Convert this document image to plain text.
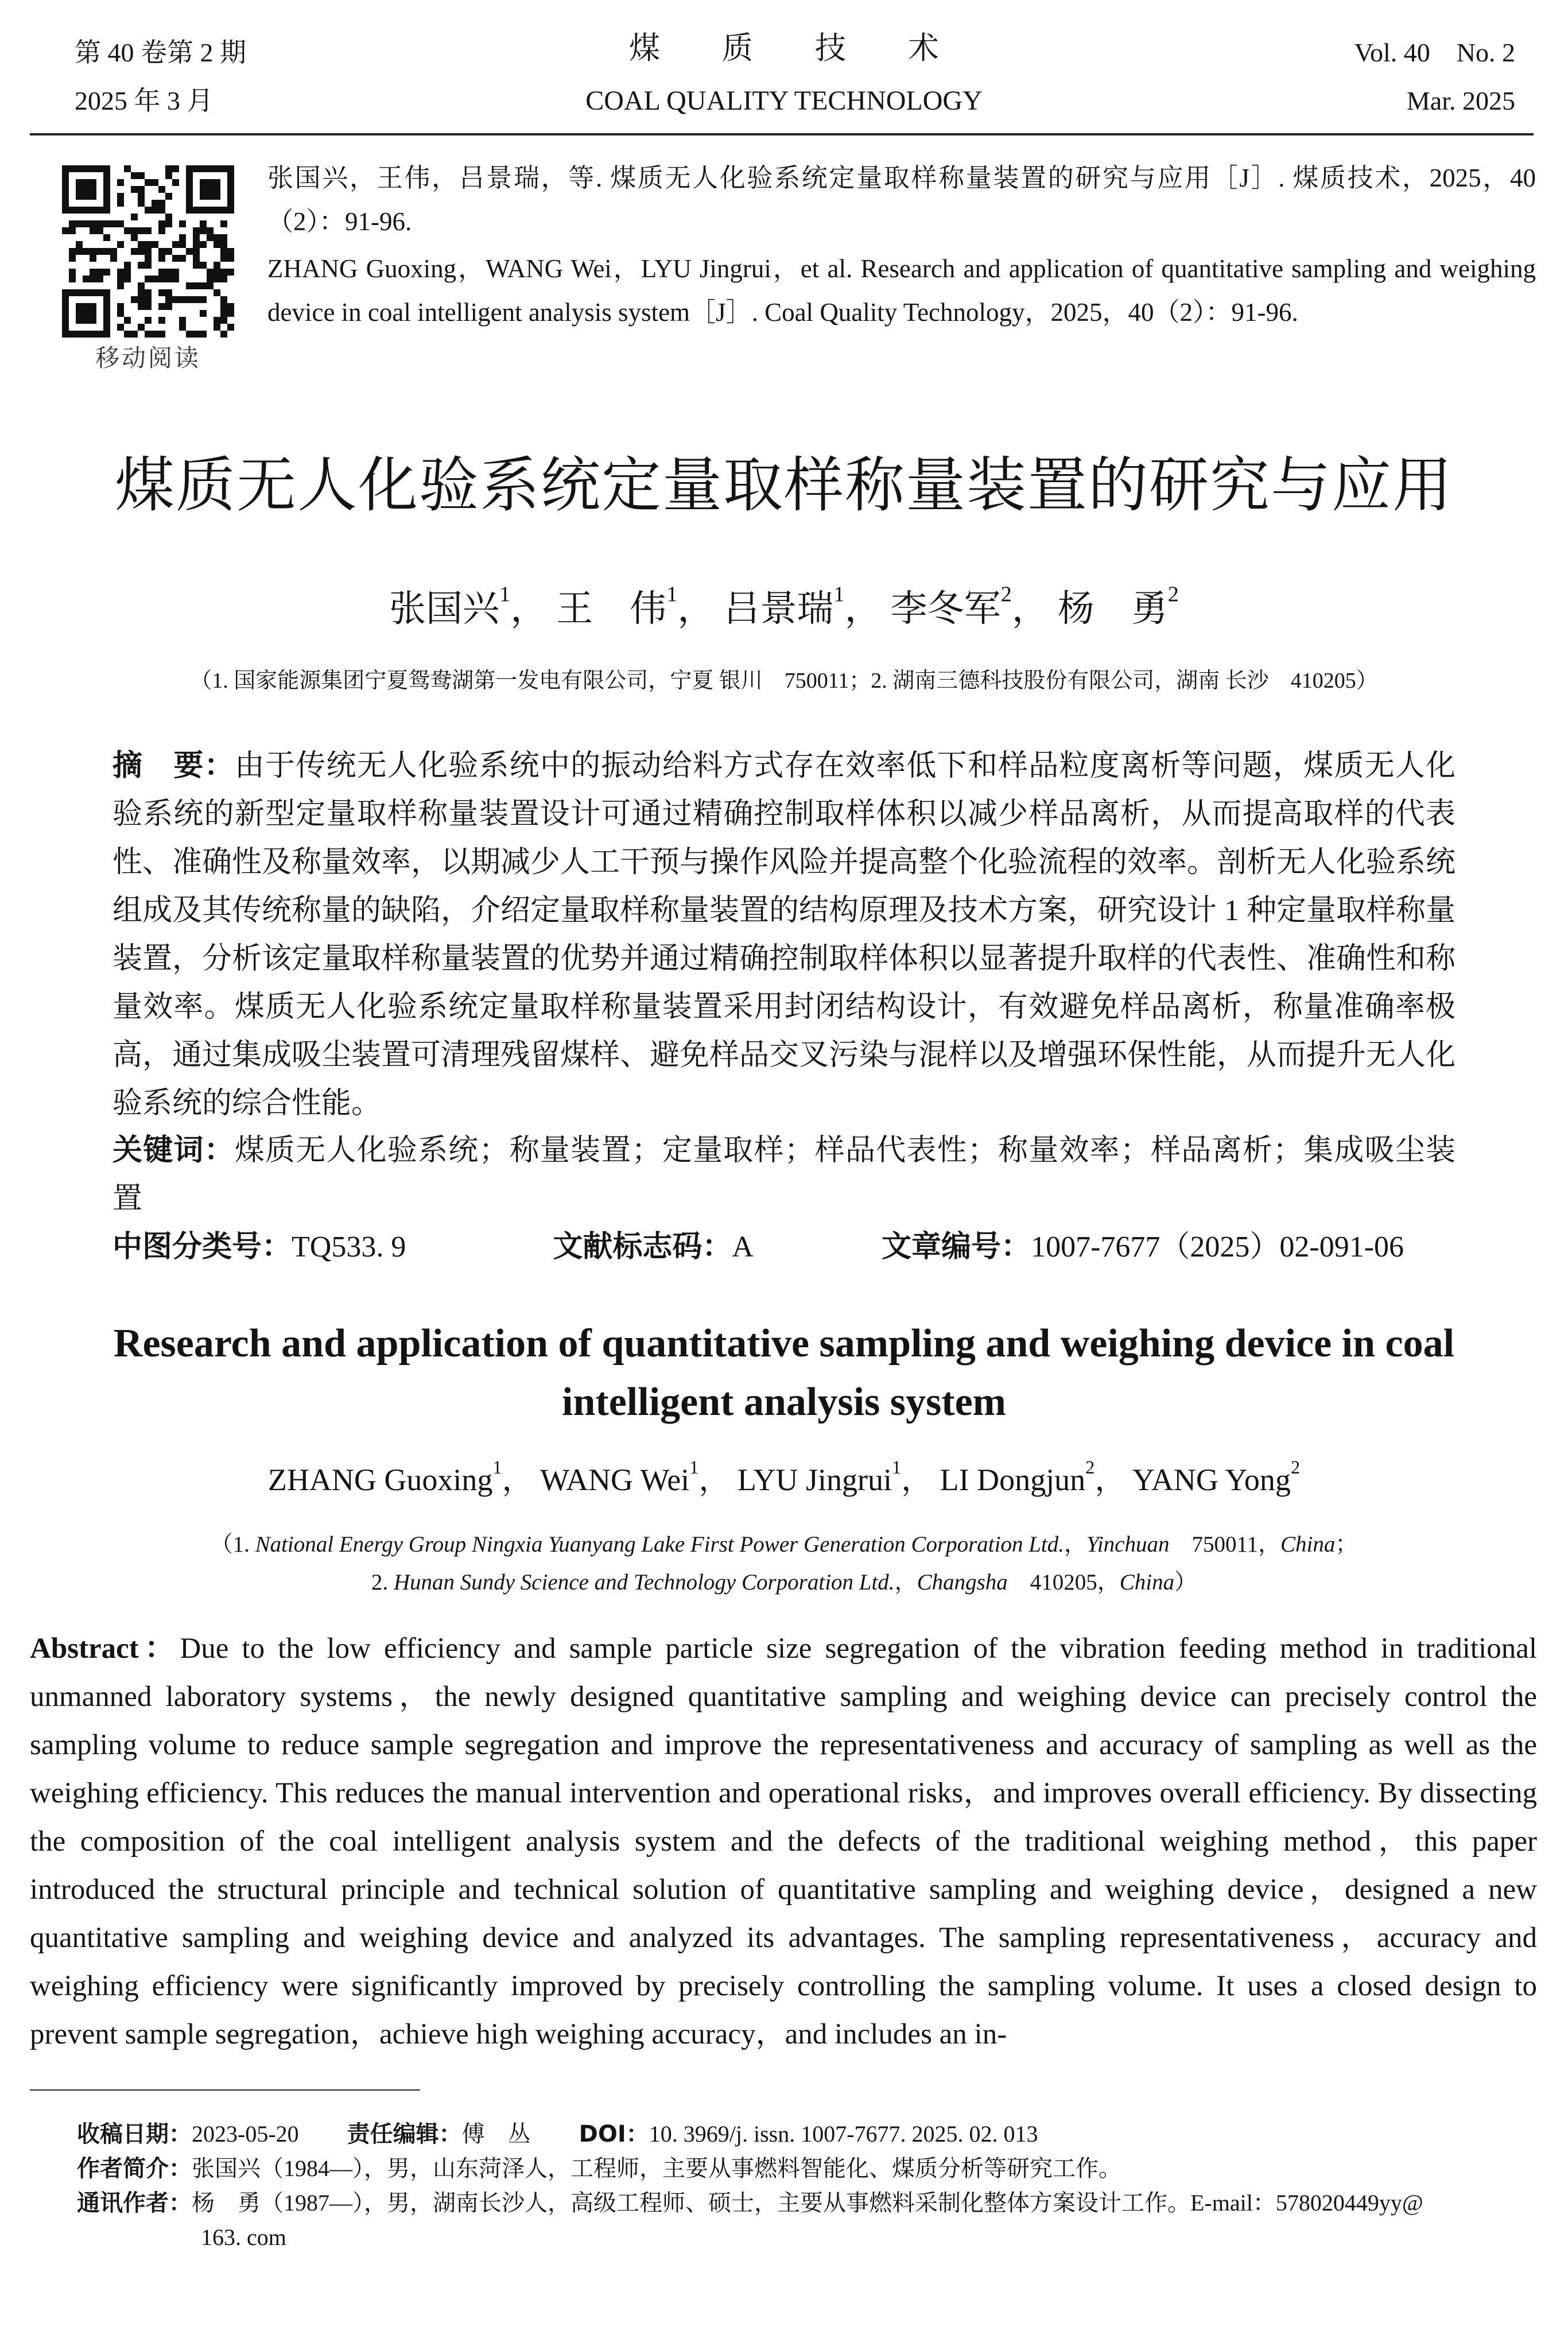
第 40 卷第 2 期
2025 年 3 月
煤　　质　　技　　术
COAL QUALITY TECHNOLOGY
Vol. 40　No. 2
Mar. 2025
移动阅读
张国兴，王伟，吕景瑞，等. 煤质无人化验系统定量取样称量装置的研究与应用［J］. 煤质技术，2025，40（2）：91-96.
ZHANG Guoxing，WANG Wei，LYU Jingrui，et al. Research and application of quantitative sampling and weighing device in coal intelligent analysis system［J］. Coal Quality Technology，2025，40（2）：91-96.
煤质无人化验系统定量取样称量装置的研究与应用
张国兴$^1$， 王　伟$^1$， 吕景瑞$^1$， 李冬军$^2$， 杨　勇$^2$
（1. 国家能源集团宁夏鸳鸯湖第一发电有限公司，宁夏 银川　750011；2. 湖南三德科技股份有限公司，湖南 长沙　410205）
摘　要：由于传统无人化验系统中的振动给料方式存在效率低下和样品粒度离析等问题，煤质无人化验系统的新型定量取样称量装置设计可通过精确控制取样体积以减少样品离析，从而提高取样的代表性、准确性及称量效率，以期减少人工干预与操作风险并提高整个化验流程的效率。剖析无人化验系统组成及其传统称量的缺陷，介绍定量取样称量装置的结构原理及技术方案，研究设计 1 种定量取样称量装置，分析该定量取样称量装置的优势并通过精确控制取样体积以显著提升取样的代表性、准确性和称量效率。煤质无人化验系统定量取样称量装置采用封闭结构设计，有效避免样品离析，称量准确率极高，通过集成吸尘装置可清理残留煤样、避免样品交叉污染与混样以及增强环保性能，从而提升无人化验系统的综合性能。
关键词：煤质无人化验系统；称量装置；定量取样；样品代表性；称量效率；样品离析；集成吸尘装置
中图分类号：TQ533. 9	文献标志码：A	文章编号：1007-7677（2025）02-091-06
Research and application of quantitative sampling and weighing device in coal intelligent analysis system
ZHANG Guoxing$^1$， WANG Wei$^1$， LYU Jingrui$^1$， LI Dongjun$^2$， YANG Yong$^2$
（1. National Energy Group Ningxia Yuanyang Lake First Power Generation Corporation Ltd.，Yinchuan　750011，China；
2. Hunan Sundy Science and Technology Corporation Ltd.，Changsha　410205，China）
Abstract：Due to the low efficiency and sample particle size segregation of the vibration feeding method in traditional unmanned laboratory systems，the newly designed quantitative sampling and weighing device can precisely control the sampling volume to reduce sample segregation and improve the representativeness and accuracy of sampling as well as the weighing efficiency. This reduces the manual intervention and operational risks，and improves overall efficiency. By dissecting the composition of the coal intelligent analysis system and the defects of the traditional weighing method，this paper introduced the structural principle and technical solution of quantitative sampling and weighing device，designed a new quantitative sampling and weighing device and analyzed its advantages. The sampling representativeness，accuracy and weighing efficiency were significantly improved by precisely controlling the sampling volume. It uses a closed design to prevent sample segregation，achieve high weighing accuracy，and includes an in-
收稿日期：2023-05-20 责任编辑：傅　丛 DOI：10. 3969/j. issn. 1007-7677. 2025. 02. 013
作者简介：张国兴（1984—），男，山东菏泽人，工程师，主要从事燃料智能化、煤质分析等研究工作。
通讯作者：杨　勇（1987—），男，湖南长沙人，高级工程师、硕士，主要从事燃料采制化整体方案设计工作。E-mail：578020449yy@
163. com
